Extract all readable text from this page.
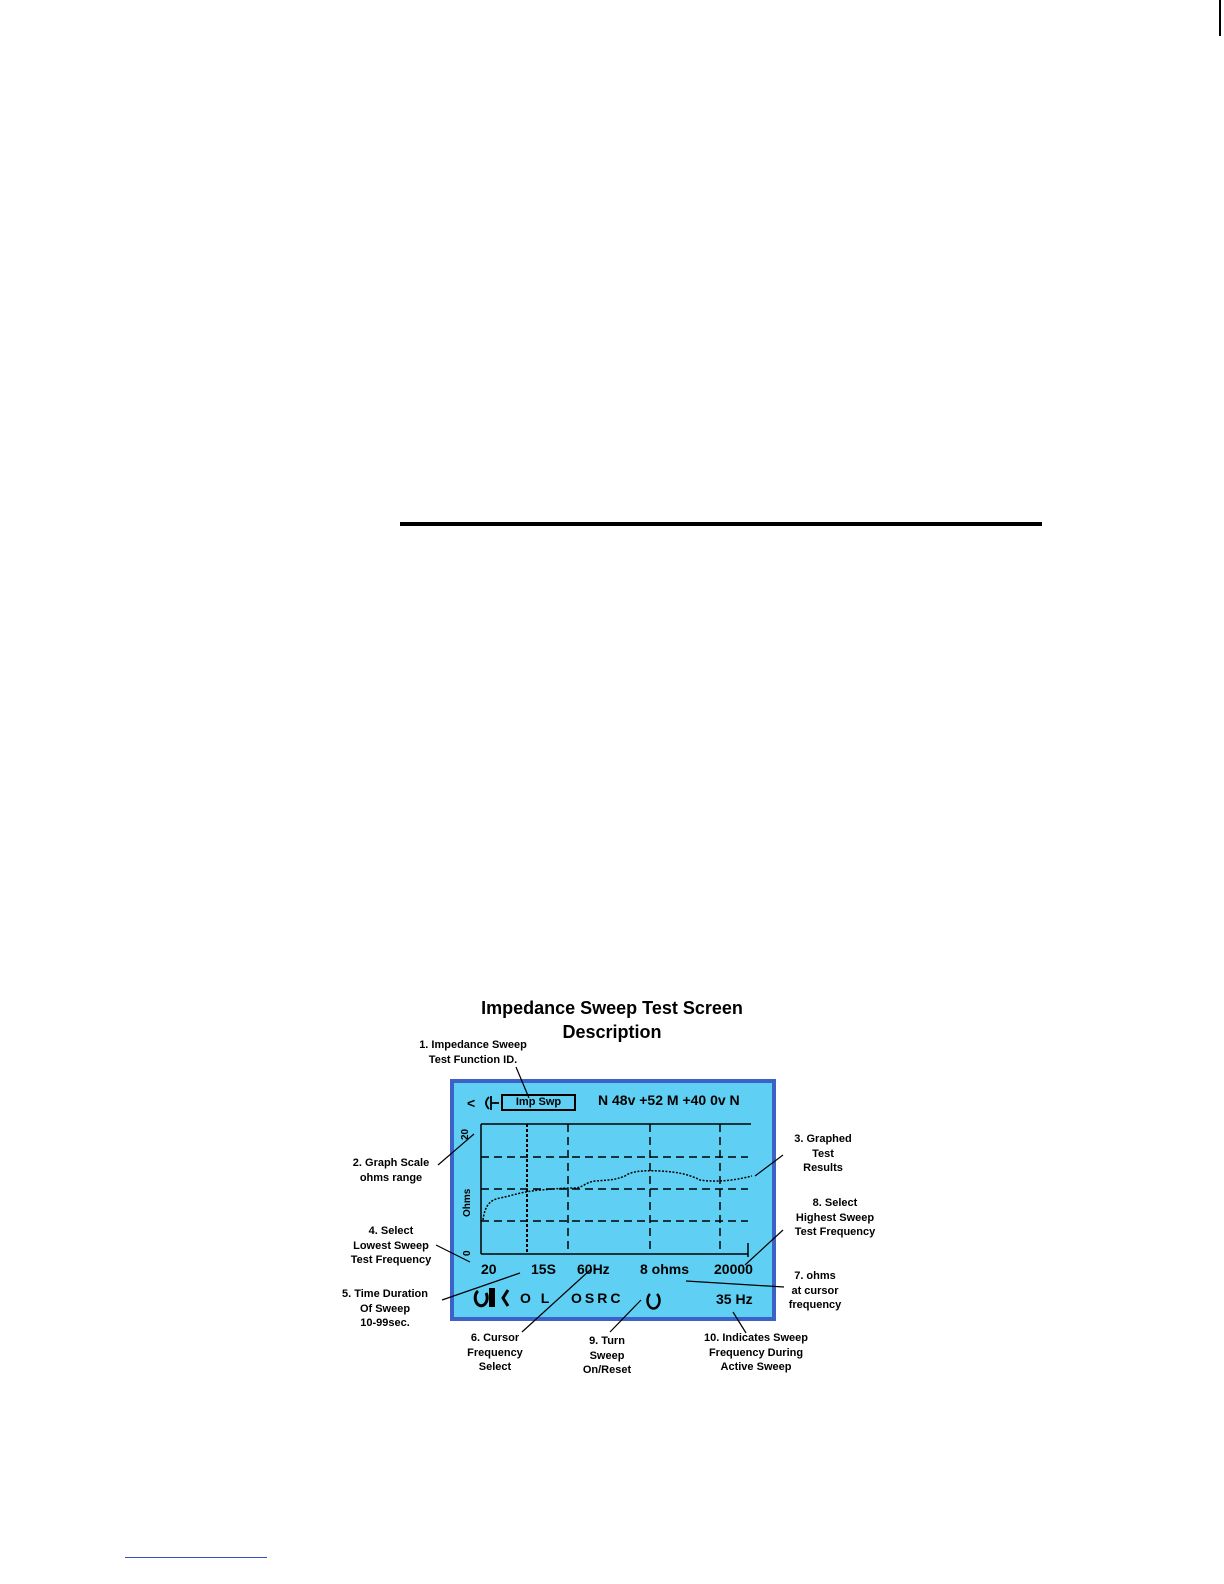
Impedance Sweep Test Screen
Description
<	Imp Swp	N 48v +52 M +40 0v N
20
Ohms
0
20 15S 60Hz 8 ohms 20000
O L OSRC	35 Hz
1. Impedance Sweep
Test Function ID.
2. Graph Scale
ohms range
3. Graphed
Test
Results
4. Select
Lowest Sweep
Test Frequency
5. Time Duration
Of Sweep
10-99sec.
6. Cursor
Frequency
Select
7. ohms
at cursor
frequency
8. Select
Highest Sweep
Test Frequency
9. Turn
Sweep
On/Reset
10. Indicates Sweep
Frequency During
Active Sweep
